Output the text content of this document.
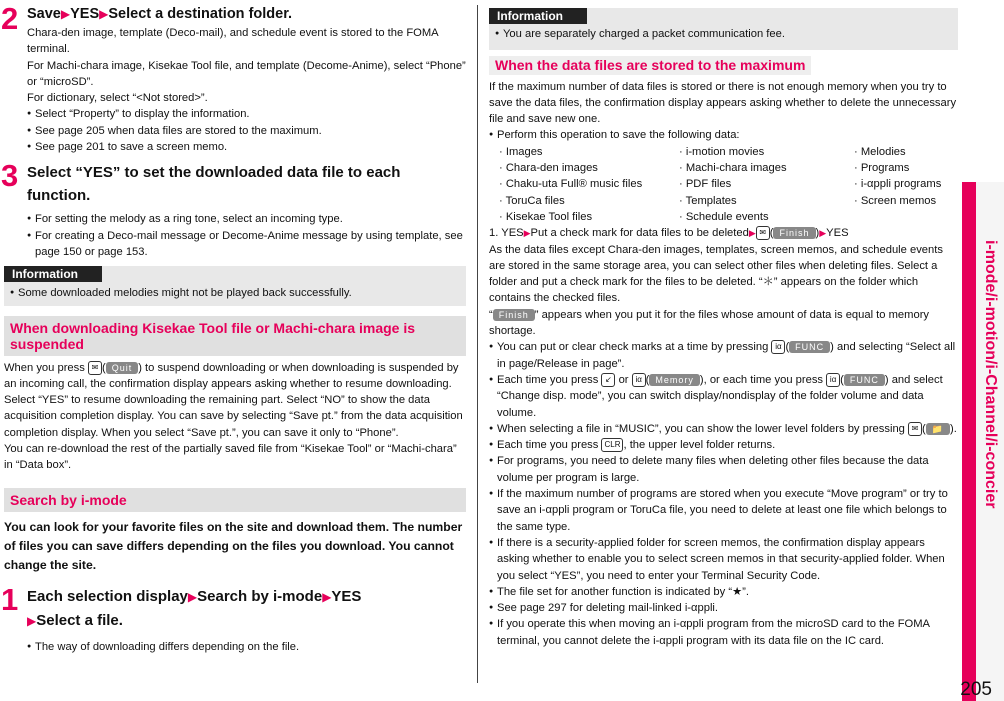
2 Save▶YES▶Select a destination folder.

Chara-den image, template (Deco-mail), and schedule event is stored to the FOMA terminal.

For Machi-chara image, Kisekae Tool file, and template (Decome-Anime), select “Phone” or “microSD”.

For dictionary, select “<Not stored>”.

● Select “Property” to display the information.
● See page 205 when data files are stored to the maximum.
● See page 201 to save a screen memo.
3 Select “YES” to set the downloaded data file to each function.
● For setting the melody as a ring tone, select an incoming type.
● For creating a Deco-mail message or Decome-Anime message by using template, see page 150 or page 153.
Information
● Some downloaded melodies might not be played back successfully.
When downloading Kisekae Tool file or Machi-chara image is suspended

When you press ✉ ( Quit ) to suspend downloading or when downloading is suspended by an incoming call, the confirmation display appears asking whether to resume downloading.

Select “YES” to resume downloading the remaining part. Select “NO” to show the data acquisition completion display. You can save by selecting “Save pt.” from the data acquisition completion display. When you select “Save pt.”, you can save it only to “Phone”.

You can re-download the rest of the partially saved file from “Kisekae Tool” or “Machi-chara” in “Data box”.

Search by i-mode

You can look for your favorite files on the site and download them. The number of files you can save differs depending on the files you download. You cannot change the site.

1 Each selection display▶Search by i-mode▶YES
▶Select a file.
● The way of downloading differs depending on the file.
Information
● You are separately charged a packet communication fee.
When the data files are stored to the maximum

If the maximum number of data files is stored or there is not enough memory when you try to save the data files, the confirmation display appears asking whether to delete the unnecessary file and save new one.

● Perform this operation to save the following data:
· Images	· i-motion movies	· Melodies
· Chara-den images	· Machi-chara images	· Programs
· Chaku-uta Full® music files	· PDF files	· i-αppli programs
· ToruCa files	· Templates	· Screen memos
· Kisekae Tool files	· Schedule events

1. YES▶Put a check mark for data files to be deleted▶ ✉ ( Finish )▶YES

As the data files except Chara-den images, templates, screen memos, and schedule events are stored in the same storage area, you can select other files when deleting files. Select a folder and put a check mark for the files to be deleted. “＊” appears on the folder which contains the checked files.

“ Finish ” appears when you put it for the files whose amount of data is equal to memory shortage.

● You can put or clear check marks at a time by pressing iα ( FUNC ) and selecting “Select all in page/Release in page”.
● Each time you press ↙ or iα ( Memory ), or each time you press iα ( FUNC ) and select “Change disp. mode”, you can switch display/nondisplay of the folder volume and data volume.
● When selecting a file in “MUSIC”, you can show the lower level folders by pressing ✉ ( 📁 ).
● Each time you press CLR , the upper level folder returns.
● For programs, you need to delete many files when deleting other files because the data volume per program is large.
● If the maximum number of programs are stored when you execute “Move program” or try to save an i-αppli program or ToruCa file, you need to delete at least one file which belongs to the same type.
● If there is a security-applied folder for screen memos, the confirmation display appears asking whether to enable you to select screen memos in that security-applied folder. When you select “YES”, you need to enter your Terminal Security Code.
● The file set for another function is indicated by “★”.
● See page 297 for deleting mail-linked i-αppli.
● If you operate this when moving an i-αppli program from the microSD card to the FOMA terminal, you cannot delete the i-αppli program with its data file on the IC card.
i-mode/i-motion/i-Channel/i-concier
205
